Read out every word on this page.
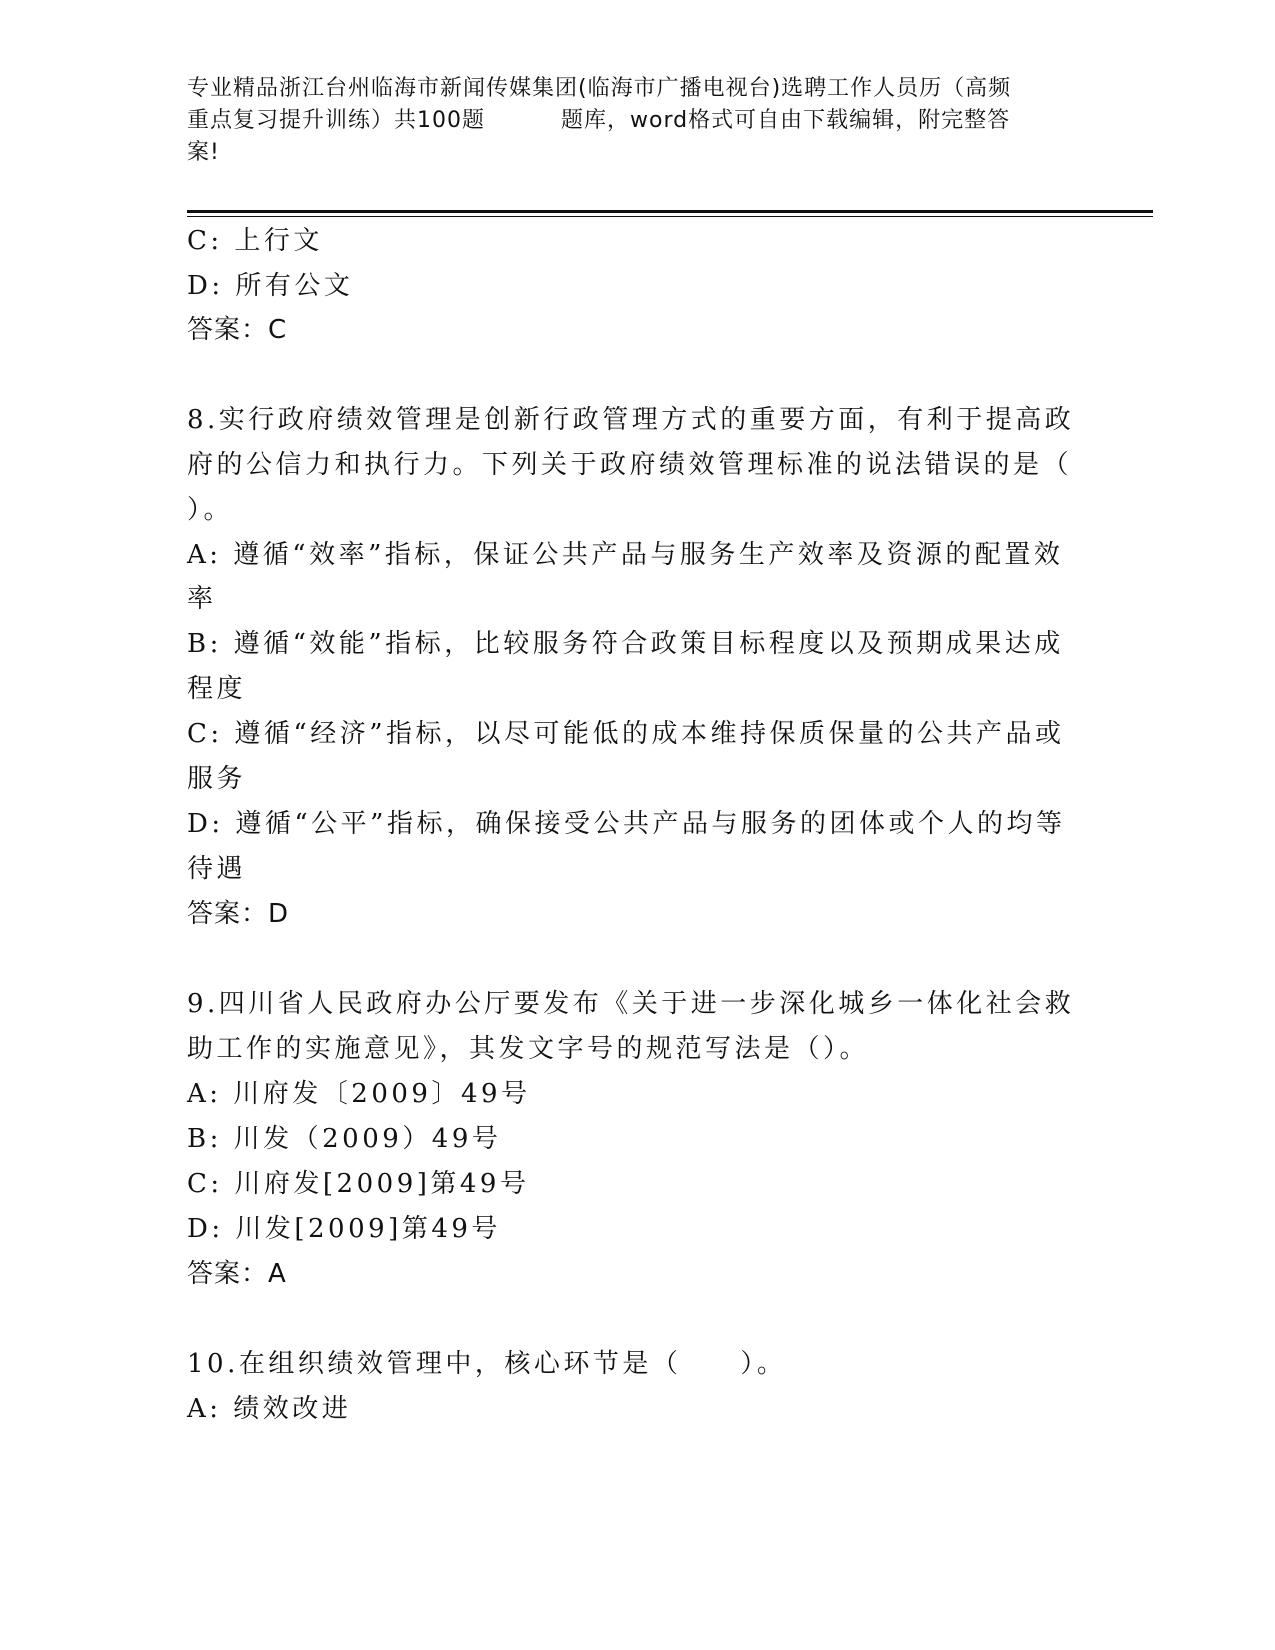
专业精品浙江台州临海市新闻传媒集团(临海市广播电视台)选聘工作人员历（高频
重点复习提升训练）共100题	题库，word格式可自由下载编辑，附完整答
案!
C: 上行文
D: 所有公文
答案：C
8.实行政府绩效管理是创新行政管理方式的重要方面，有利于提高政
府的公信力和执行力。下列关于政府绩效管理标准的说法错误的是（
）。
A: 遵循“效率”指标，保证公共产品与服务生产效率及资源的配置效
率
B: 遵循“效能”指标，比较服务符合政策目标程度以及预期成果达成
程度
C: 遵循“经济”指标，以尽可能低的成本维持保质保量的公共产品或
服务
D: 遵循“公平”指标，确保接受公共产品与服务的团体或个人的均等
待遇
答案：D
9.四川省人民政府办公厅要发布《关于进一步深化城乡一体化社会救
助工作的实施意见》，其发文字号的规范写法是（）。
A: 川府发〔2009〕49号
B: 川发（2009）49号
C: 川府发[2009]第49号
D: 川发[2009]第49号
答案：A
10.在组织绩效管理中，核心环节是（　　）。
A: 绩效改进
